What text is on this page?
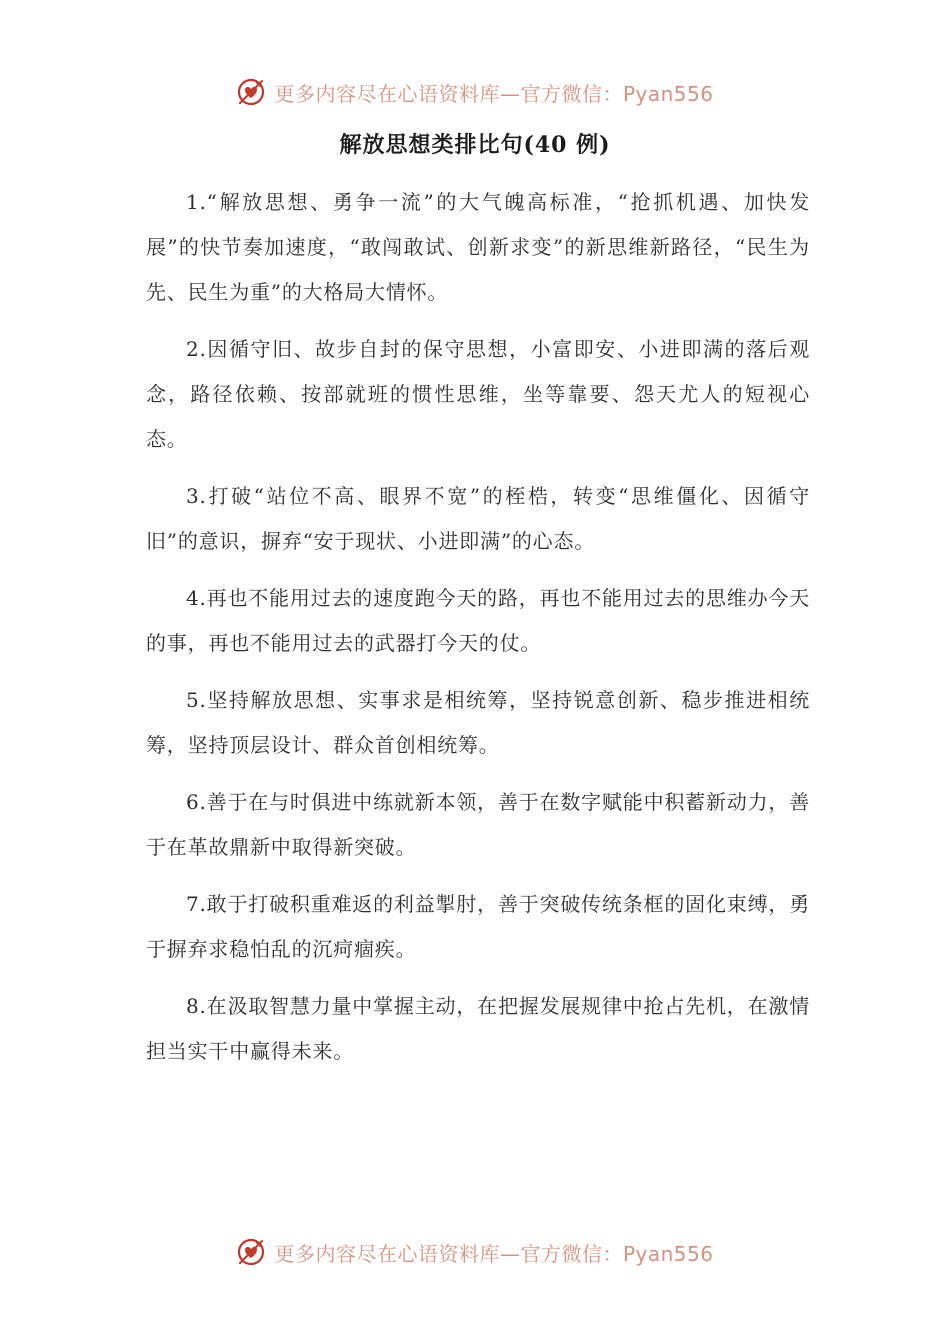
更多内容尽在心语资料库—官方微信：Pyan556
解放思想类排比句(40 例)

1.“解放思想、勇争一流”的大气魄高标准，“抢抓机遇、加快发展”的快节奏加速度，“敢闯敢试、创新求变”的新思维新路径，“民生为先、民生为重”的大格局大情怀。

2.因循守旧、故步自封的保守思想，小富即安、小进即满的落后观念，路径依赖、按部就班的惯性思维，坐等靠要、怨天尤人的短视心态。

3.打破“站位不高、眼界不宽”的桎梏，转变“思维僵化、因循守旧”的意识，摒弃“安于现状、小进即满”的心态。

4.再也不能用过去的速度跑今天的路，再也不能用过去的思维办今天的事，再也不能用过去的武器打今天的仗。

5.坚持解放思想、实事求是相统筹，坚持锐意创新、稳步推进相统筹，坚持顶层设计、群众首创相统筹。

6.善于在与时俱进中练就新本领，善于在数字赋能中积蓄新动力，善于在革故鼎新中取得新突破。

7.敢于打破积重难返的利益掣肘，善于突破传统条框的固化束缚，勇于摒弃求稳怕乱的沉疴痼疾。

8.在汲取智慧力量中掌握主动，在把握发展规律中抢占先机，在激情担当实干中赢得未来。

更多内容尽在心语资料库—官方微信：Pyan556
